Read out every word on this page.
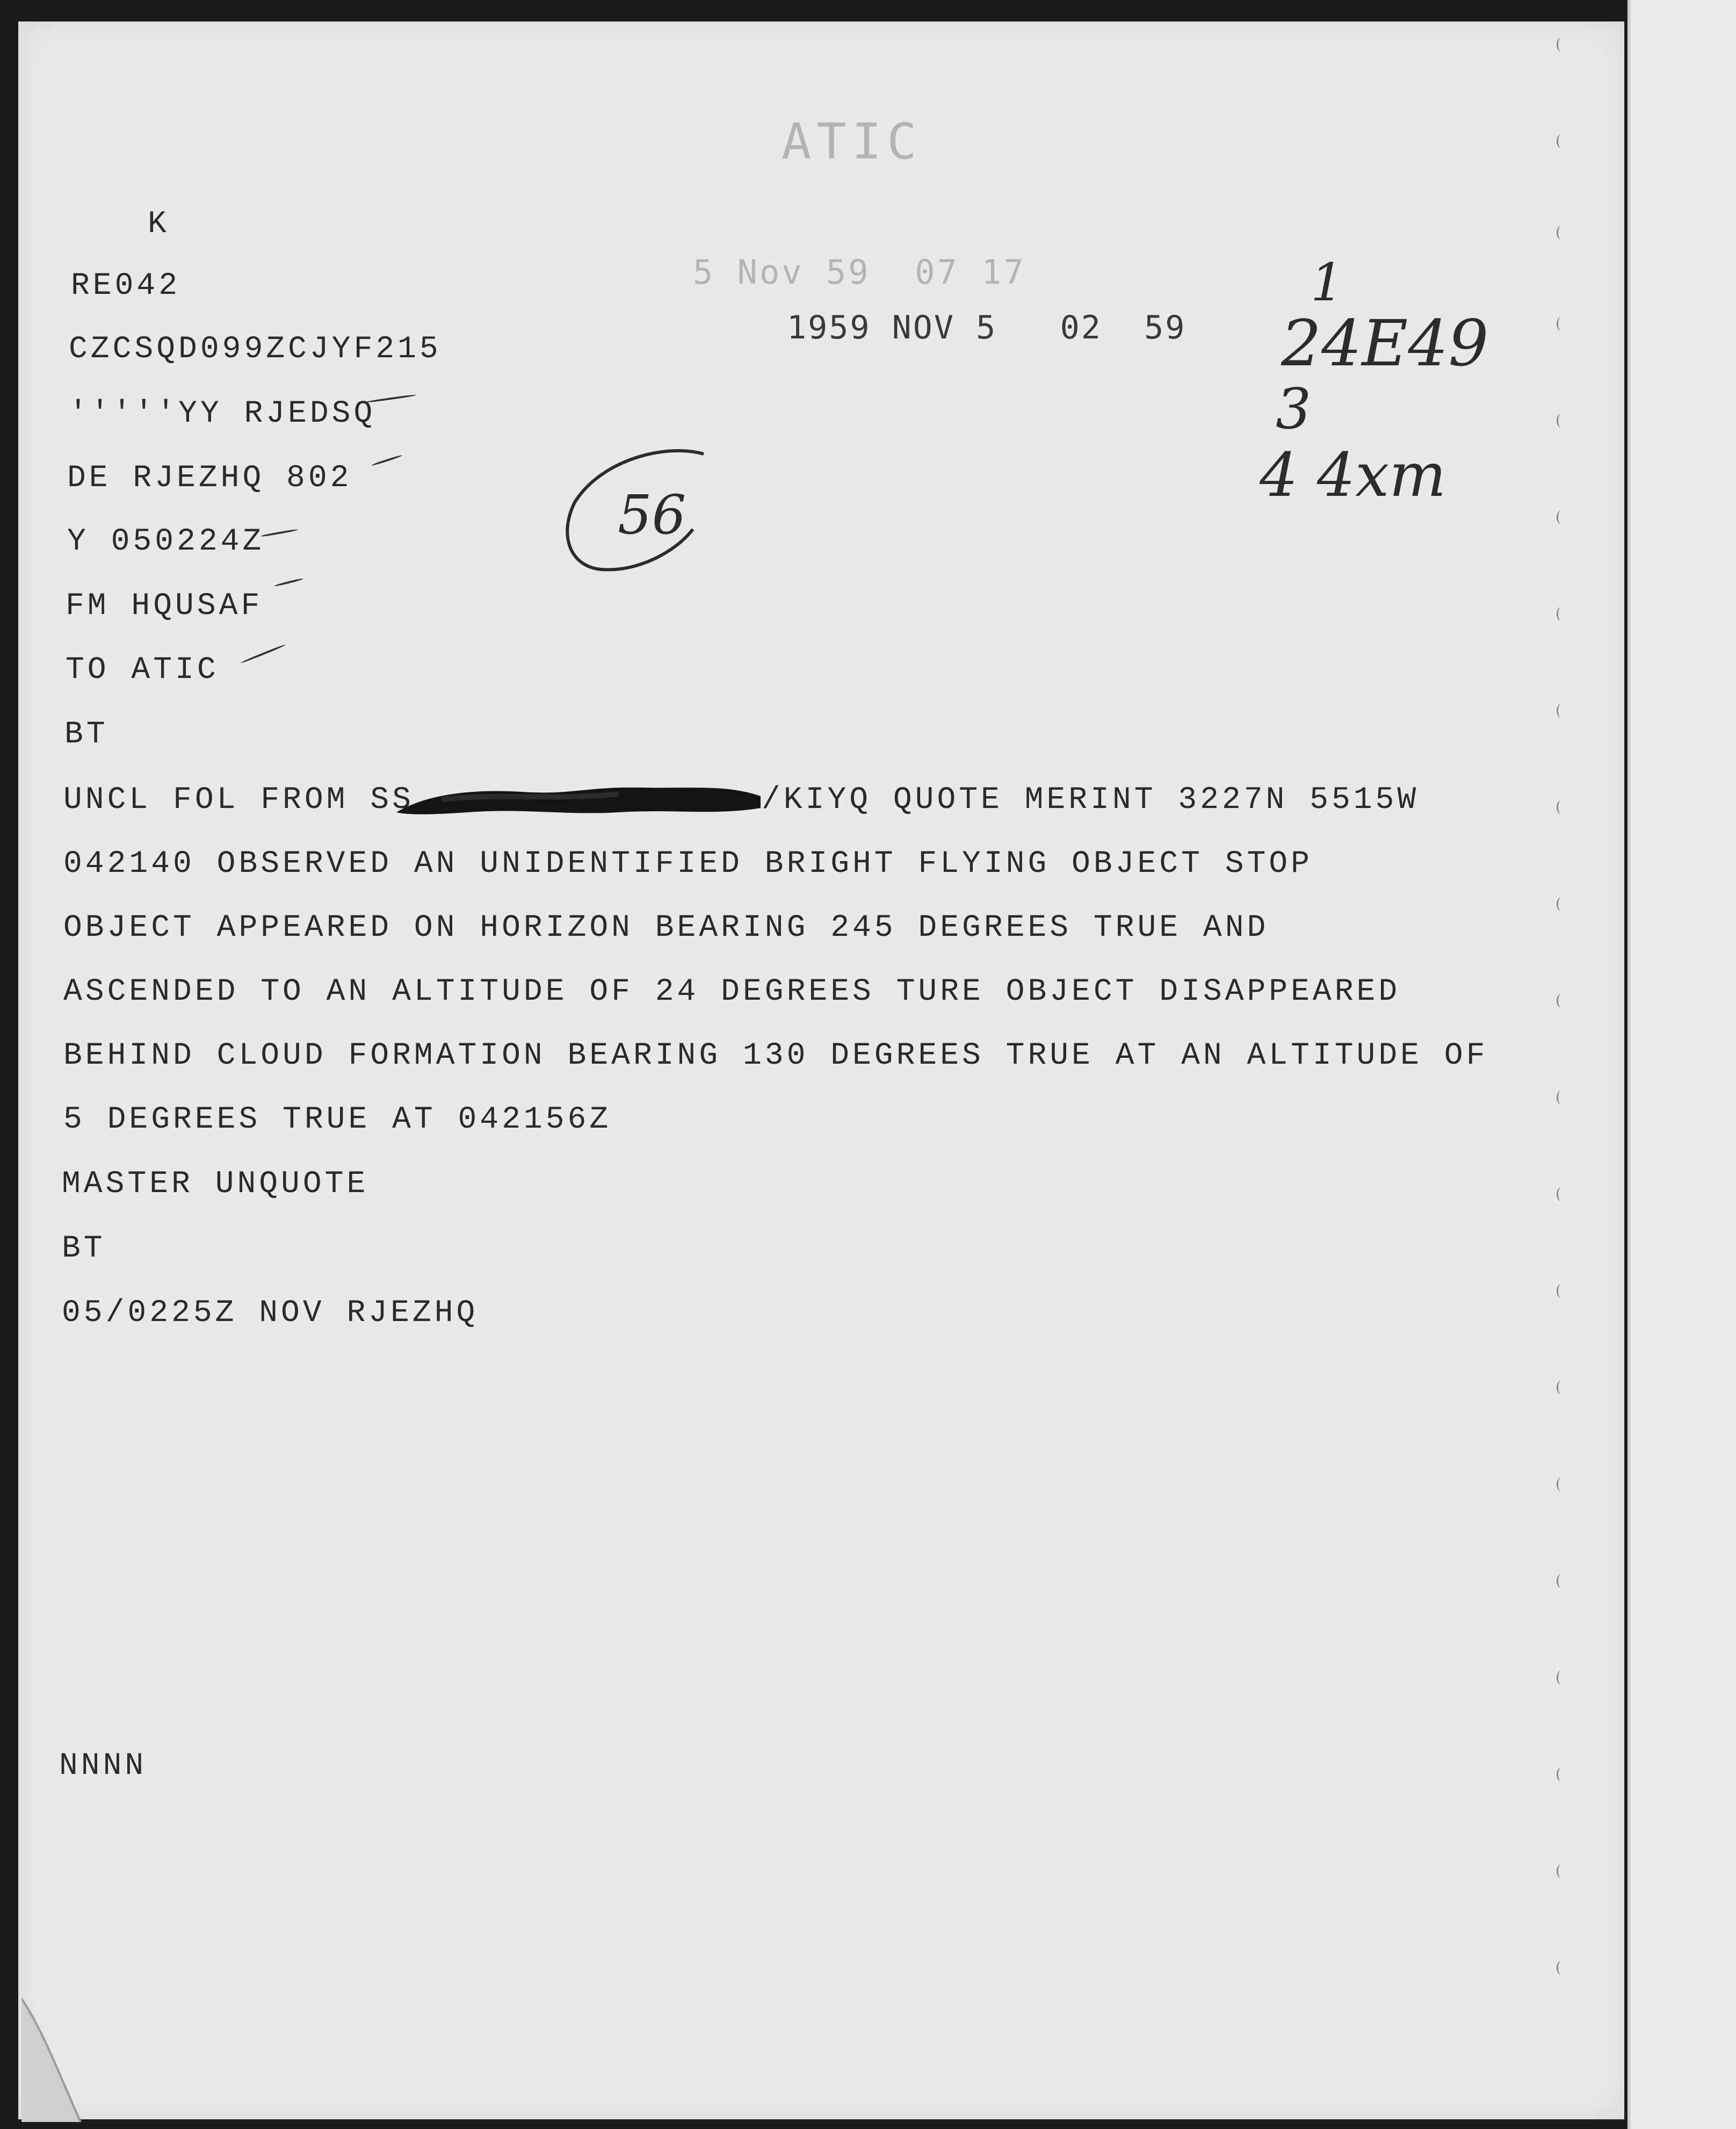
ATIC
5 Nov 59  07 17
1959 NOV 5   02  59
K
RE042
CZCSQD099ZCJYF215
'''''YY RJEDSQ
DE RJEZHQ 802
Y 050224Z
FM HQUSAF
TO ATIC
BT
UNCL FOL FROM SS	/KIYQ QUOTE MERINT 3227N 5515W
042140 OBSERVED AN UNIDENTIFIED BRIGHT FLYING OBJECT STOP
OBJECT APPEARED ON HORIZON BEARING 245 DEGREES TRUE AND
ASCENDED TO AN ALTITUDE OF 24 DEGREES TURE OBJECT DISAPPEARED
BEHIND CLOUD FORMATION BEARING 130 DEGREES TRUE AT AN ALTITUDE OF
5 DEGREES TRUE AT 042156Z
MASTER UNQUOTE
BT
05/0225Z NOV RJEZHQ
NNNN
56
1
24E49
3
4 4xm
